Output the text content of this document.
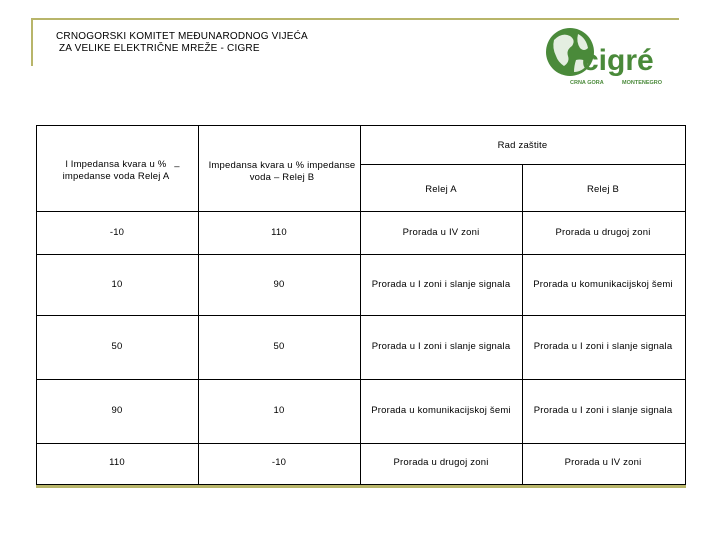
CRNOGORSKI KOMITET MEĐUNARODNOG VIJEĆA
ZA VELIKE ELEKTRIČNE MREŽE - CIGRE	cigré
CRNA GORA	MONTENEGRO
l Impedansa kvara u % impedanse voda Relej A
–	Impedansa kvara u % impedanse voda – Relej B
Rad zaštite
Relej A	Relej B
-10	110	Prorada u IV zoni	Prorada u drugoj zoni
10	90	Prorada u I zoni i slanje signala	Prorada u komunikacijskoj šemi
50	50	Prorada u I zoni i slanje signala	Prorada u I zoni i slanje signala
90	10	Prorada u komunikacijskoj šemi	Prorada u I zoni i slanje signala
110	-10	Prorada u drugoj zoni	Prorada u IV zoni
